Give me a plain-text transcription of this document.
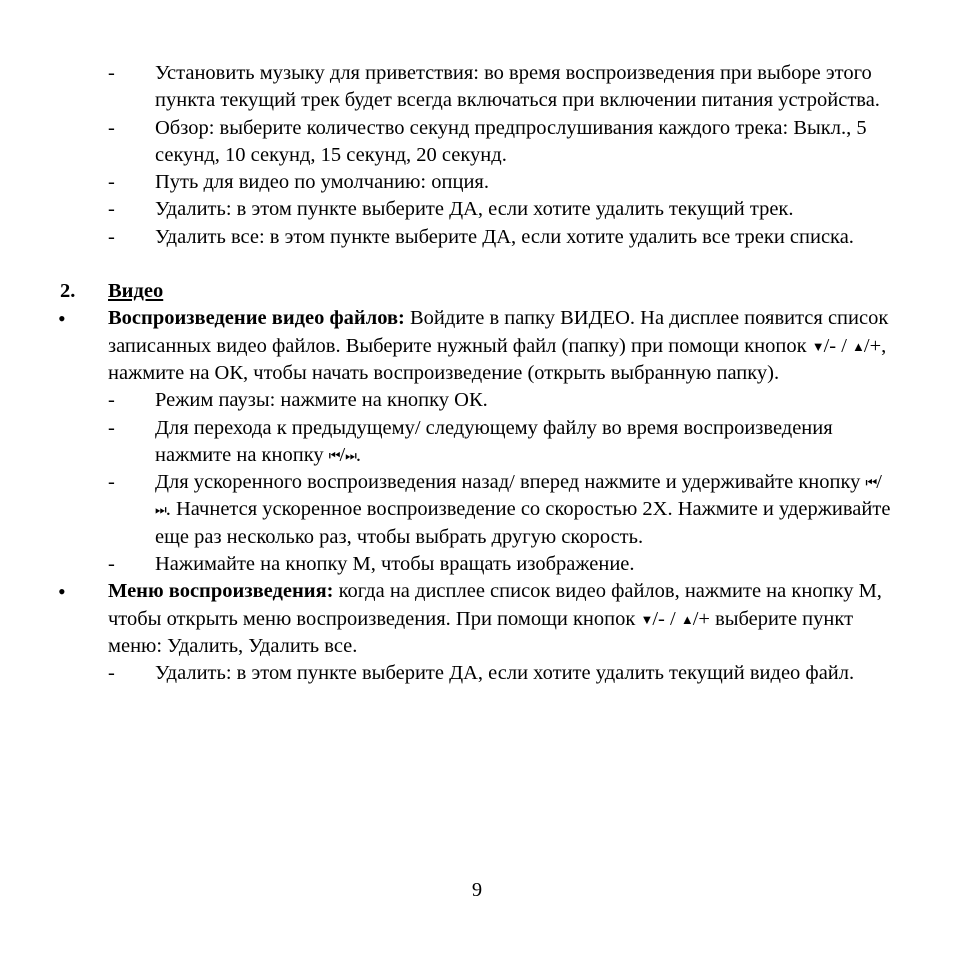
- Установить музыку для приветствия: во время воспроизведения при выборе этого пункта текущий трек будет всегда включаться при включении питания устройства.
- Обзор: выберите количество секунд предпрослушивания каждого трека: Выкл., 5 секунд, 10 секунд, 15 секунд, 20 секунд.
- Путь для видео по умолчанию: опция.
- Удалить: в этом пункте выберите ДА, если хотите удалить текущий трек.
- Удалить все: в этом пункте выберите ДА, если хотите удалить все треки списка.
2. Видео
• Воспроизведение видео файлов: Войдите в папку ВИДЕО. На дисплее появится список записанных видео файлов. Выберите нужный файл (папку) при помощи кнопок ▼/- / ▲/+, нажмите на ОК, чтобы начать воспроизведение (открыть выбранную папку).
- Режим паузы: нажмите на кнопку ОК.
- Для перехода к предыдущему/ следующему файлу во время воспроизведения нажмите на кнопку ⏮/⏭.
- Для ускоренного воспроизведения назад/ вперед нажмите и удерживайте кнопку ⏮/⏭. Начнется ускоренное воспроизведение со скоростью 2X. Нажмите и удерживайте еще раз несколько раз, чтобы выбрать другую скорость.
- Нажимайте на кнопку М, чтобы вращать изображение.
• Меню воспроизведения: когда на дисплее список видео файлов, нажмите на кнопку М, чтобы открыть меню воспроизведения. При помощи кнопок ▼/- / ▲/+ выберите пункт меню: Удалить, Удалить все.
- Удалить: в этом пункте выберите ДА, если хотите удалить текущий видео файл.
9
